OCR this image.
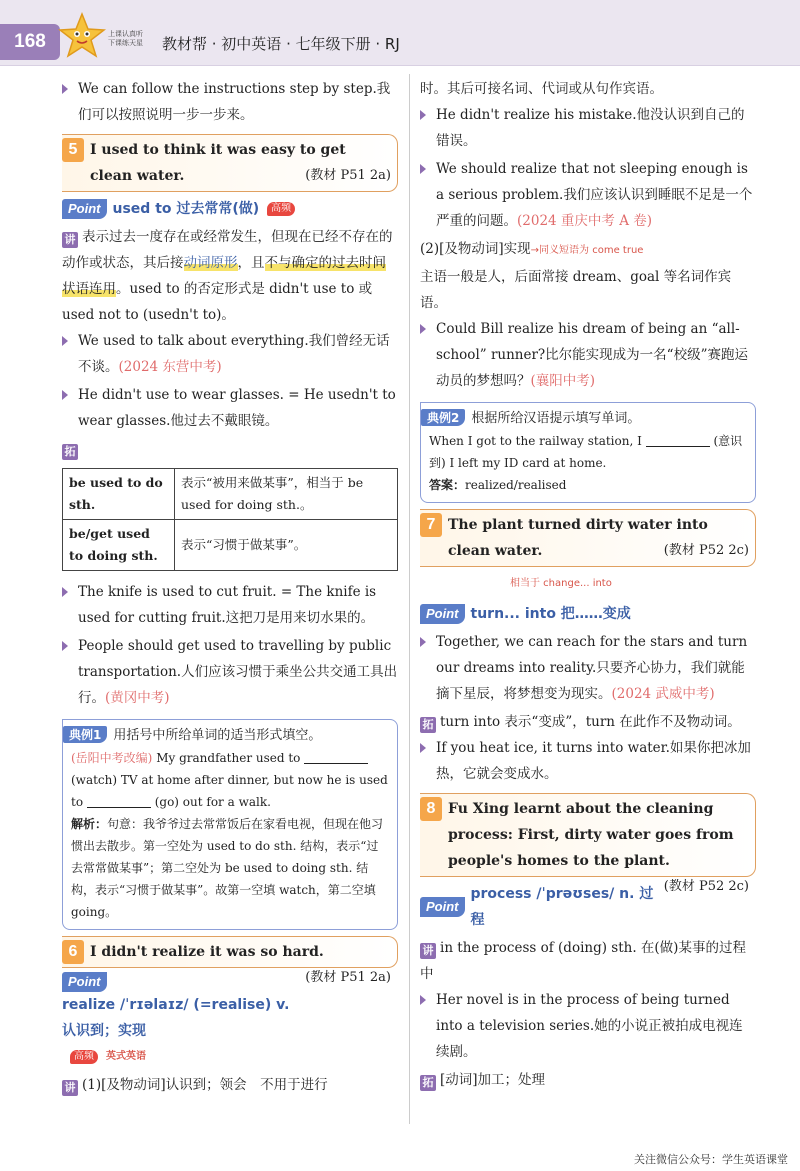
168	上课认真听
下课练天星 教材帮 · 初中英语 · 七年级下册 · RJ
We can follow the instructions step by step.我们可以按照说明一步一步来。
5 I used to think it was easy to get clean water.	(教材 P51 2a)
Point used to 过去常常(做)	高频
讲 表示过去一度存在或经常发生，但现在已经不存在的动作或状态，其后接动词原形，且不与确定的过去时间状语连用。used to 的否定形式是 didn't use to 或 used not to (usedn't to)。
We used to talk about everything.我们曾经无话不谈。(2024 东营中考)
He didn't use to wear glasses. = He usedn't to wear glasses.他过去不戴眼镜。
拓
be used to do sth.	表示“被用来做某事”，相当于 be used for doing sth.。
be/get used to doing sth.	表示“习惯于做某事”。
The knife is used to cut fruit. = The knife is used for cutting fruit.这把刀是用来切水果的。
People should get used to travelling by public transportation.人们应该习惯于乘坐公共交通工具出行。(黄冈中考)
典例1 用括号中所给单词的适当形式填空。
(岳阳中考改编) My grandfather used to  (watch) TV at home after dinner, but now he is used to	(go) out for a walk.
解析：句意：我爷爷过去常常饭后在家看电视，但现在他习惯出去散步。第一空处为 used to do sth. 结构，表示“过去常常做某事”；第二空处为 be used to doing sth. 结构，表示“习惯于做某事”。故第一空填 watch，第二空填 going。
6 I didn't realize it was so hard.

(教材 P51 2a)
Point
realize /ˈrɪəlaɪz/ (=realise) v. 认识到；实现
高频	英式英语
讲 (1)[及物动词]认识到；领会　不用于进行
时。其后可接名词、代词或从句作宾语。
He didn't realize his mistake.他没认识到自己的错误。
We should realize that not sleeping enough is a serious problem.我们应该认识到睡眠不足是一个严重的问题。(2024 重庆中考 A 卷)
(2)[及物动词]实现→同义短语为 come true
主语一般是人，后面常接 dream、goal 等名词作宾语。
Could Bill realize his dream of being an “all-school” runner?比尔能实现成为一名“校级”赛跑运动员的梦想吗？(襄阳中考)
典例2 根据所给汉语提示填写单词。
When I got to the railway station, I	(意识到) I left my ID card at home.
答案：realized/realised
7 The plant turned dirty water into clean water.	(教材 P52 2c)
相当于 change... into
Point turn... into 把……变成
Together, we can reach for the stars and turn our dreams into reality.只要齐心协力，我们就能摘下星辰，将梦想变为现实。(2024 武威中考)
拓 turn into 表示“变成”，turn 在此作不及物动词。
If you heat ice, it turns into water.如果你把冰加热，它就会变成水。
8 Fu Xing learnt about the cleaning process: First, dirty water goes from people's homes to the plant.
(教材 P52 2c)
Point
process /ˈprəʊses/ n. 过程
讲 in the process of (doing) sth. 在(做)某事的过程中
Her novel is in the process of being turned into a television series.她的小说正被拍成电视连续剧。
拓 [动词]加工；处理
关注微信公众号：学生英语课堂
